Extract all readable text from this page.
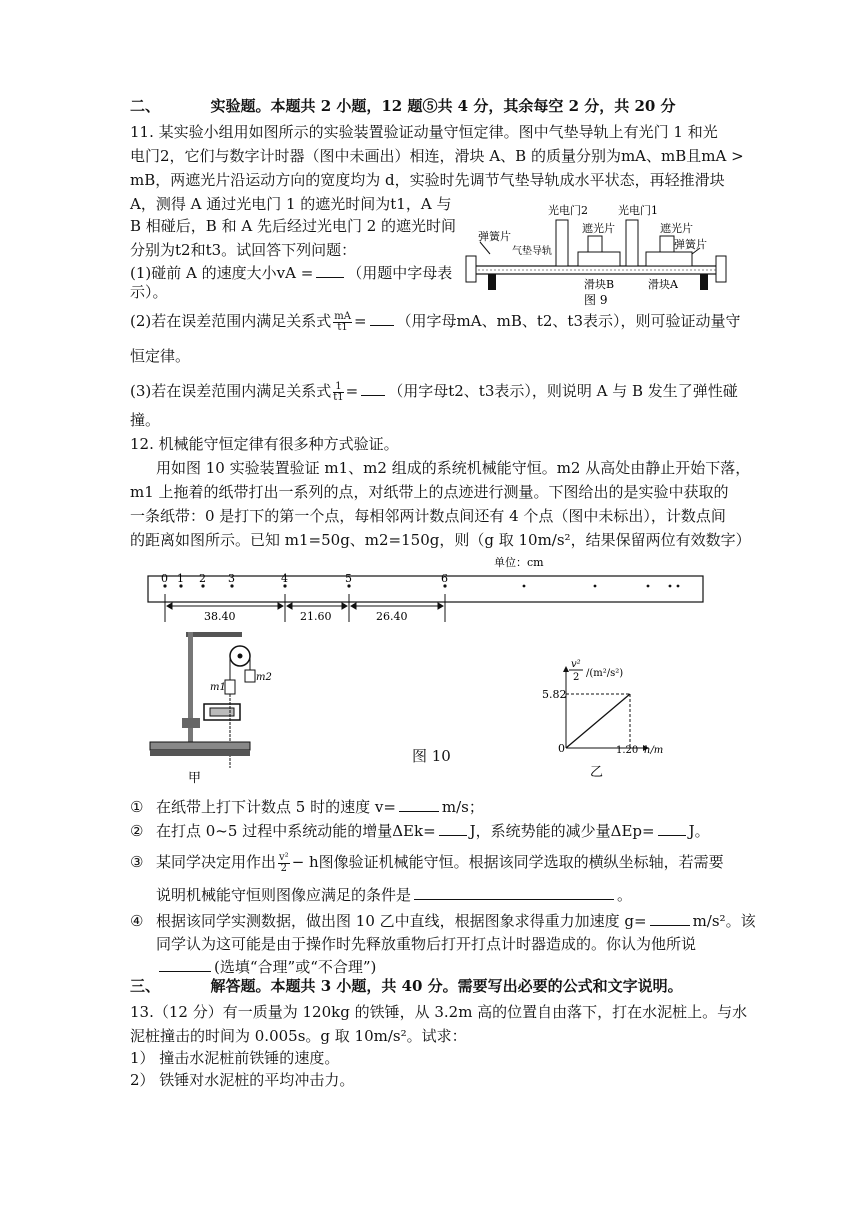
二、	实验题。本题共 2 小题，12 题⑤共 4 分，其余每空 2 分，共 20 分
11. 某实验小组用如图所示的实验装置验证动量守恒定律。图中气垫导轨上有光门 1 和光
电门2，它们与数字计时器（图中未画出）相连，滑块 A、B 的质量分别为mA、mB且mA >
mB，两遮光片沿运动方向的宽度均为 d，实验时先调节气垫导轨成水平状态，再轻推滑块
A，测得 A 通过光电门 1 的遮光时间为t1，A 与
B 相碰后，B 和 A 先后经过光电门 2 的遮光时间
分别为t2和t3。试回答下列问题：
(1)碰前 A 的速度大小vA = （用题中字母表
示）。
(2)若在误差范围内满足关系式 $\frac{mA}{t1}$ = （用字母mA、mB、t2、t3表示），则可验证动量守
恒定律。
(3)若在误差范围内满足关系式 $\frac{1}{t1}$ = （用字母t2、t3表示），则说明 A 与 B 发生了弹性碰
撞。
光电门2	光电门1
遮光片	遮光片
弹簧片
弹簧片
气垫导轨
滑块B	滑块A
图 9
12. 机械能守恒定律有很多种方式验证。
用如图 10 实验装置验证 m1、m2 组成的系统机械能守恒。m2 从高处由静止开始下落，
m1 上拖着的纸带打出一系列的点，对纸带上的点迹进行测量。下图给出的是实验中获取的
一条纸带：0 是打下的第一个点，每相邻两计数点间还有 4 个点（图中未标出），计数点间
的距离如图所示。已知 m1=50g、m2=150g，则（g 取 10m/s²，结果保留两位有效数字）
单位：cm
0 1 2 3	4	5	6
38.40	21.60	26.40
m1
m2
甲
图 10
v²
2 /(m²/s²)
5.82
0	1.20 h/m
乙
① 在纸带上打下计数点 5 时的速度 v=	m/s；
② 在打点 0~5 过程中系统动能的增量ΔEk= J，系统势能的减少量ΔEp= J。
③ 某同学决定用作出 $\frac{\text{v²}}{2} - h$图像验证机械能守恒。根据该同学选取的横纵坐标轴，若需要
说明机械能守恒则图像应满足的条件是	。
④ 根据该同学实测数据，做出图 10 乙中直线，根据图象求得重力加速度 g=	m/s²。该
同学认为这可能是由于操作时先释放重物后打开打点计时器造成的。你认为他所说
(选填“合理”或“不合理”)
三、	解答题。本题共 3 小题，共 40 分。需要写出必要的公式和文字说明。
13.（12 分）有一质量为 120kg 的铁锤，从 3.2m 高的位置自由落下，打在水泥桩上。与水
泥桩撞击的时间为 0.005s。g 取 10m/s²。试求：
1） 撞击水泥桩前铁锤的速度。
2） 铁锤对水泥桩的平均冲击力。
